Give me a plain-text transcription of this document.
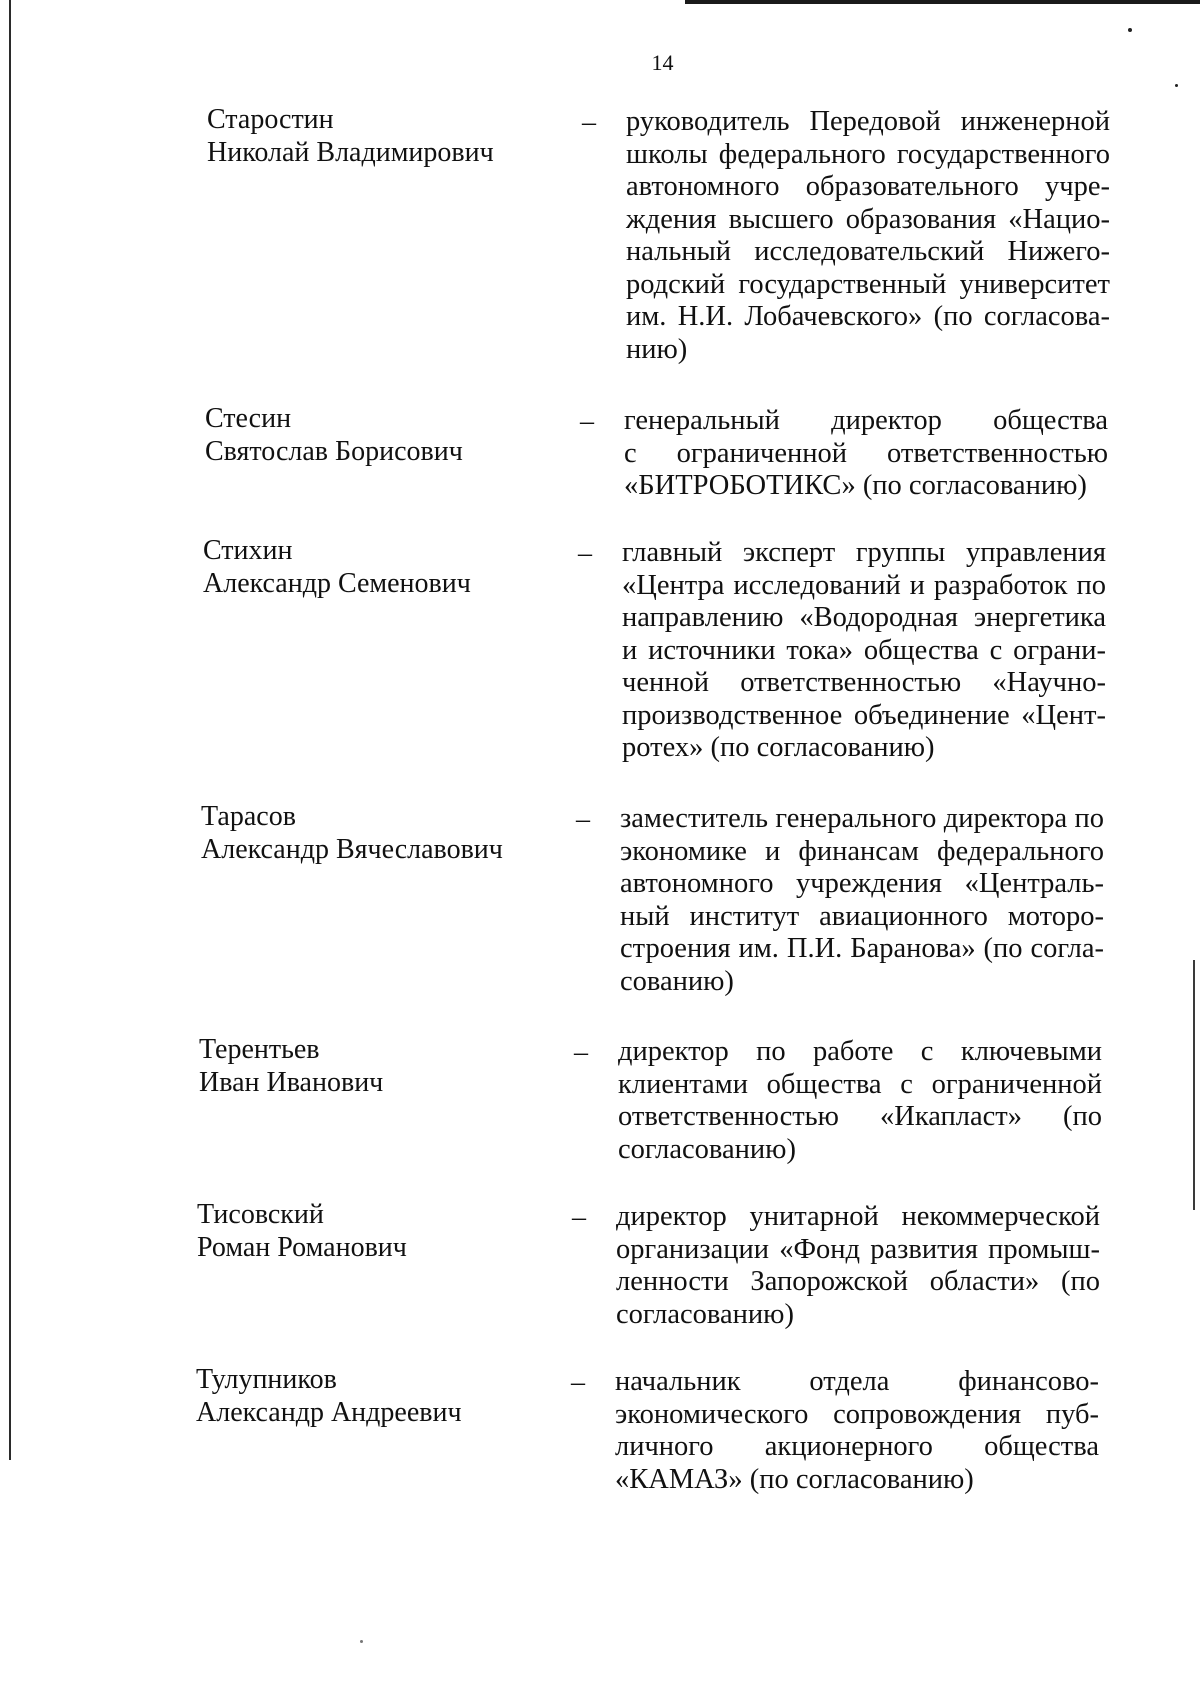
14
Старостин
Николай Владимирович
– руководитель Передовой инженерной
школы федерального государственного
автономного образовательного учре-
ждения высшего образования «Нацио-
нальный исследовательский Нижего-
родский государственный университет
им. Н.И. Лобачевского» (по согласова-
нию)
Стесин
Святослав Борисович
– генеральный директор общества
с ограниченной ответственностью
«БИТРОБОТИКС» (по согласованию)
Стихин
Александр Семенович
– главный эксперт группы управления
«Центра исследований и разработок по
направлению «Водородная энергетика
и источники тока» общества с ограни-
ченной ответственностью «Научно-
производственное объединение «Цент-
ротех» (по согласованию)
Тарасов
Александр Вячеславович
– заместитель генерального директора по
экономике и финансам федерального
автономного учреждения «Централь-
ный институт авиационного моторо-
строения им. П.И. Баранова» (по согла-
сованию)
Терентьев
Иван Иванович
– директор по работе с ключевыми
клиентами общества с ограниченной
ответственностью «Икапласт» (по
согласованию)
Тисовский
Роман Романович
– директор унитарной некоммерческой
организации «Фонд развития промыш-
ленности Запорожской области» (по
согласованию)
Тулупников
Александр Андреевич
– начальник отдела финансово-
экономического сопровождения пуб-
личного акционерного общества
«КАМАЗ» (по согласованию)
